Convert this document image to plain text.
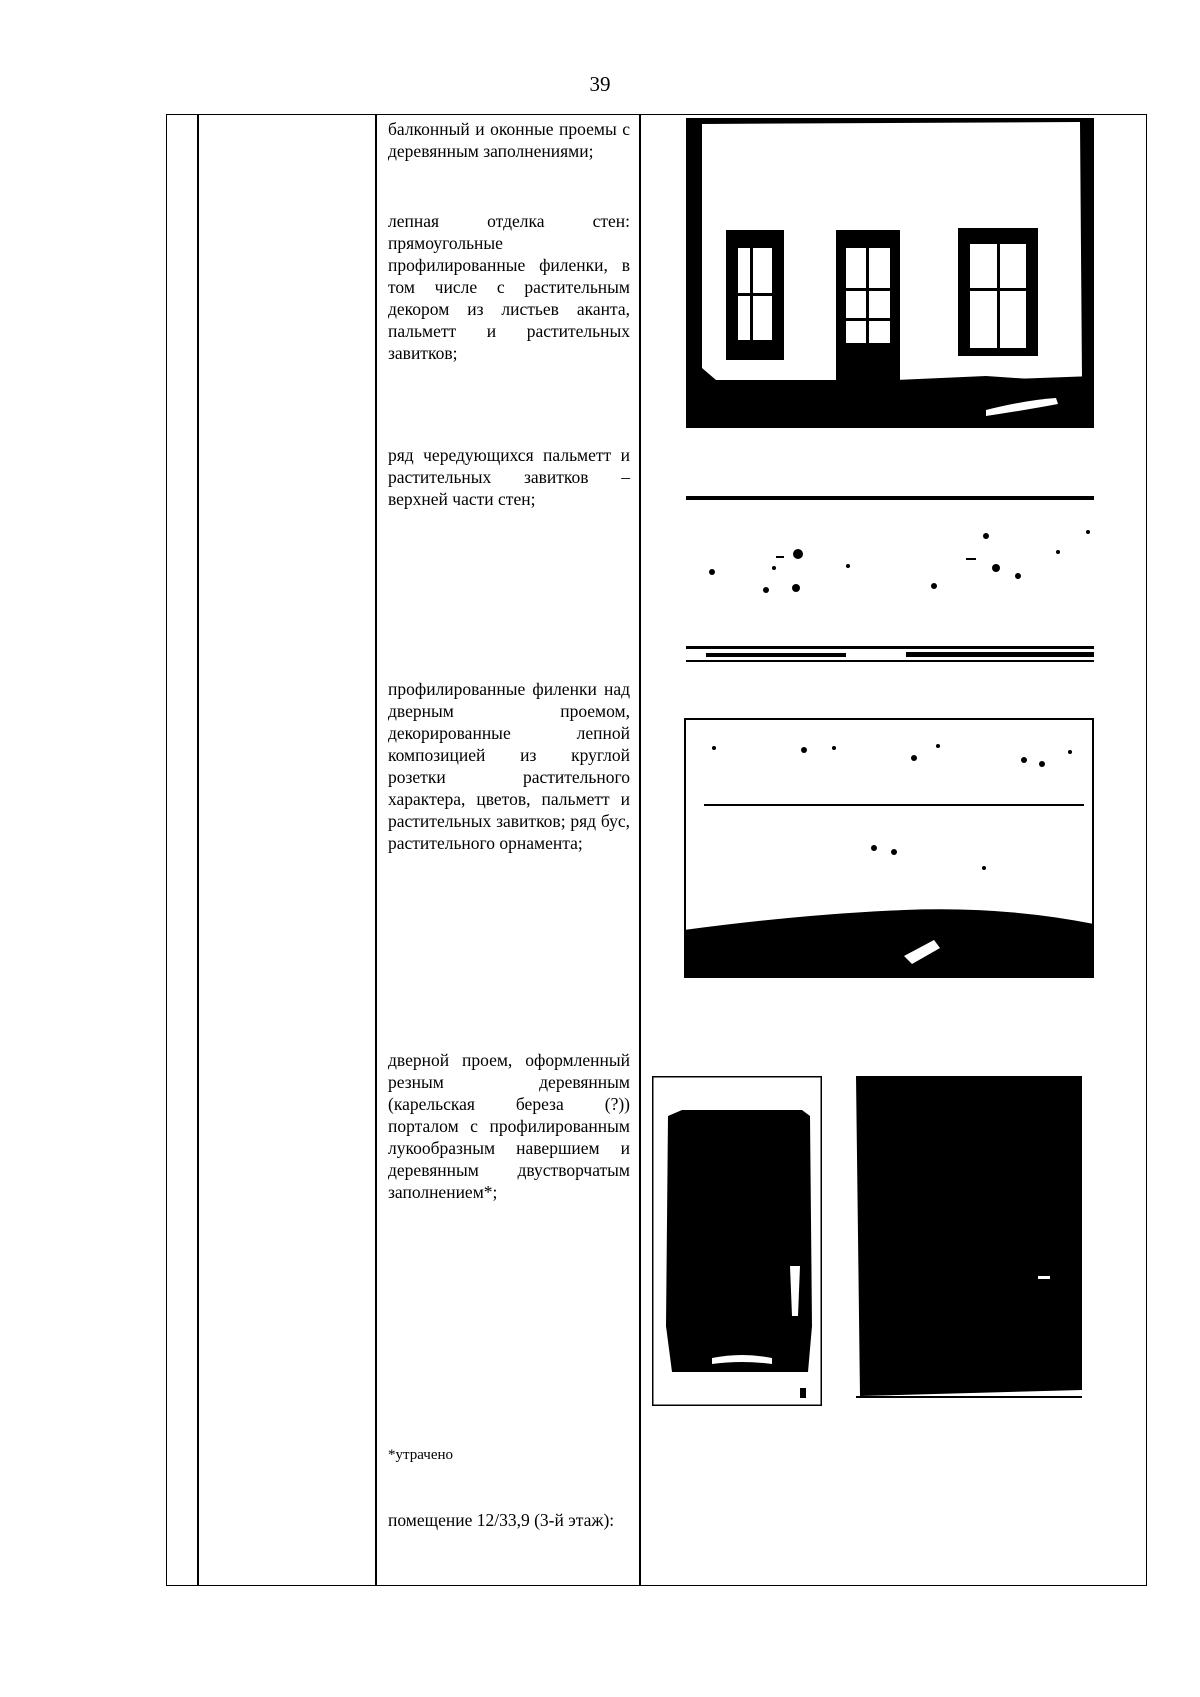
39
балконный и оконные проемы с деревянным заполнениями;
лепная отделка стен: прямоугольные профилированные филенки, в том числе с растительным декором из листьев аканта, пальметт и растительных завитков;
ряд чередующихся пальметт и растительных завитков – верхней части стен;
профилированные филенки над дверным проемом, декорированные лепной композицией из круглой розетки растительного характера, цветов, пальметт и растительных завитков; ряд бус, растительного орнамента;
дверной проем, оформленный резным деревянным (карельская береза (?)) порталом с профилированным лукообразным навершием и деревянным двустворчатым заполнением*;
*утрачено
помещение 12/33,9 (3-й этаж):
